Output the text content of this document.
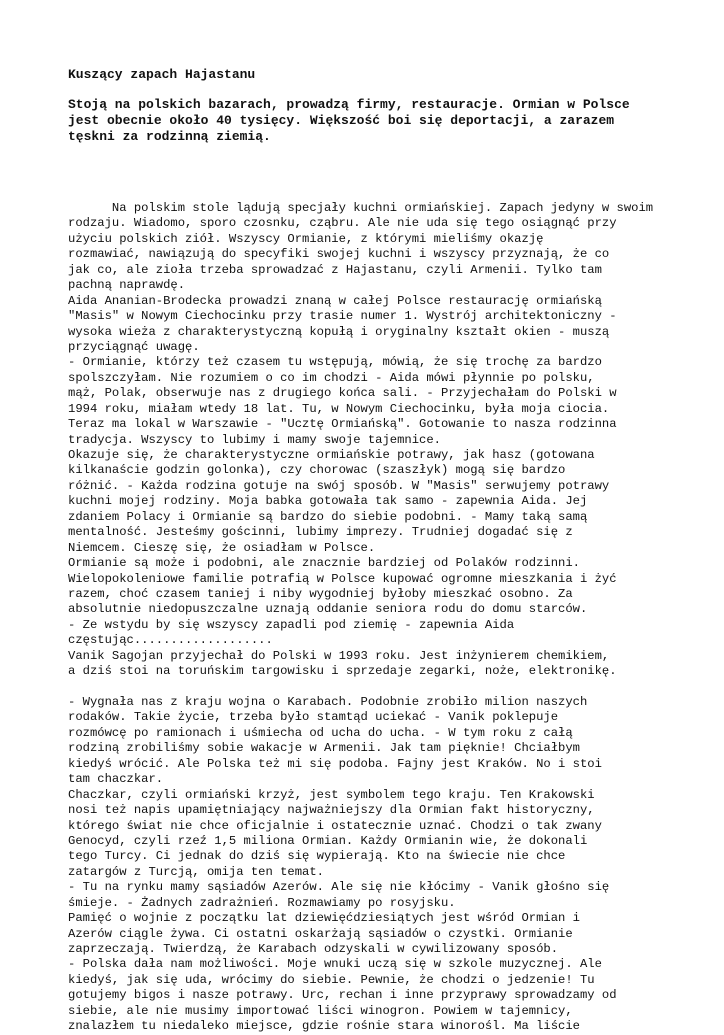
Kuszący zapach Hajastanu
Stoją na polskich bazarach, prowadzą firmy, restauracje. Ormian w Polsce
jest obecnie około 40 tysięcy. Większość boi się deportacji, a zarazem
tęskni za rodzinną ziemią.
Na polskim stole lądują specjały kuchni ormiańskiej. Zapach jedyny w swoim
rodzaju. Wiadomo, sporo czosnku, cząbru. Ale nie uda się tego osiągnąć przy
użyciu polskich ziół. Wszyscy Ormianie, z którymi mieliśmy okazję
rozmawiać, nawiązują do specyfiki swojej kuchni i wszyscy przyznają, że co
jak co, ale zioła trzeba sprowadzać z Hajastanu, czyli Armenii. Tylko tam
pachną naprawdę.
Aida Ananian-Brodecka prowadzi znaną w całej Polsce restaurację ormiańską
"Masis" w Nowym Ciechocinku przy trasie numer 1. Wystrój architektoniczny -
wysoka wieża z charakterystyczną kopułą i oryginalny kształt okien - muszą
przyciągnąć uwagę.
- Ormianie, którzy też czasem tu wstępują, mówią, że się trochę za bardzo
spolszczyłam. Nie rozumiem o co im chodzi - Aida mówi płynnie po polsku,
mąż, Polak, obserwuje nas z drugiego końca sali. - Przyjechałam do Polski w
1994 roku, miałam wtedy 18 lat. Tu, w Nowym Ciechocinku, była moja ciocia.
Teraz ma lokal w Warszawie - "Ucztę Ormiańską". Gotowanie to nasza rodzinna
tradycja. Wszyscy to lubimy i mamy swoje tajemnice.
Okazuje się, że charakterystyczne ormiańskie potrawy, jak hasz (gotowana
kilkanaście godzin golonka), czy chorowac (szaszłyk) mogą się bardzo
różnić. - Każda rodzina gotuje na swój sposób. W "Masis" serwujemy potrawy
kuchni mojej rodziny. Moja babka gotowała tak samo - zapewnia Aida. Jej
zdaniem Polacy i Ormianie są bardzo do siebie podobni. - Mamy taką samą
mentalność. Jesteśmy gościnni, lubimy imprezy. Trudniej dogadać się z
Niemcem. Cieszę się, że osiadłam w Polsce.
Ormianie są może i podobni, ale znacznie bardziej od Polaków rodzinni.
Wielopokoleniowe familie potrafią w Polsce kupować ogromne mieszkania i żyć
razem, choć czasem taniej i niby wygodniej byłoby mieszkać osobno. Za
absolutnie niedopuszczalne uznają oddanie seniora rodu do domu starców.
- Ze wstydu by się wszyscy zapadli pod ziemię - zapewnia Aida
częstując...................
Vanik Sagojan przyjechał do Polski w 1993 roku. Jest inżynierem chemikiem,
a dziś stoi na toruńskim targowisku i sprzedaje zegarki, noże, elektronikę.
- Wygnała nas z kraju wojna o Karabach. Podobnie zrobiło milion naszych
rodaków. Takie życie, trzeba było stamtąd uciekać - Vanik poklepuje
rozmówcę po ramionach i uśmiecha od ucha do ucha. - W tym roku z całą
rodziną zrobiliśmy sobie wakacje w Armenii. Jak tam pięknie! Chciałbym
kiedyś wrócić. Ale Polska też mi się podoba. Fajny jest Kraków. No i stoi
tam chaczkar.
Chaczkar, czyli ormiański krzyż, jest symbolem tego kraju. Ten Krakowski
nosi też napis upamiętniający najważniejszy dla Ormian fakt historyczny,
którego świat nie chce oficjalnie i ostatecznie uznać. Chodzi o tak zwany
Genocyd, czyli rzeź 1,5 miliona Ormian. Każdy Ormianin wie, że dokonali
tego Turcy. Ci jednak do dziś się wypierają. Kto na świecie nie chce
zatargów z Turcją, omija ten temat.
- Tu na rynku mamy sąsiadów Azerów. Ale się nie kłócimy - Vanik głośno się
śmieje. - Żadnych zadrażnień. Rozmawiamy po rosyjsku.
Pamięć o wojnie z początku lat dziewięćdziesiątych jest wśród Ormian i
Azerów ciągle żywa. Ci ostatni oskarżają sąsiadów o czystki. Ormianie
zaprzeczają. Twierdzą, że Karabach odzyskali w cywilizowany sposób.
- Polska dała nam możliwości. Moje wnuki uczą się w szkole muzycznej. Ale
kiedyś, jak się uda, wrócimy do siebie. Pewnie, że chodzi o jedzenie! Tu
gotujemy bigos i nasze potrawy. Urc, rechan i inne przyprawy sprowadzamy od
siebie, ale nie musimy importować liści winogron. Powiem w tajemnicy,
znalazłem tu niedaleko miejsce, gdzie rośnie stara winorośl. Ma liście
